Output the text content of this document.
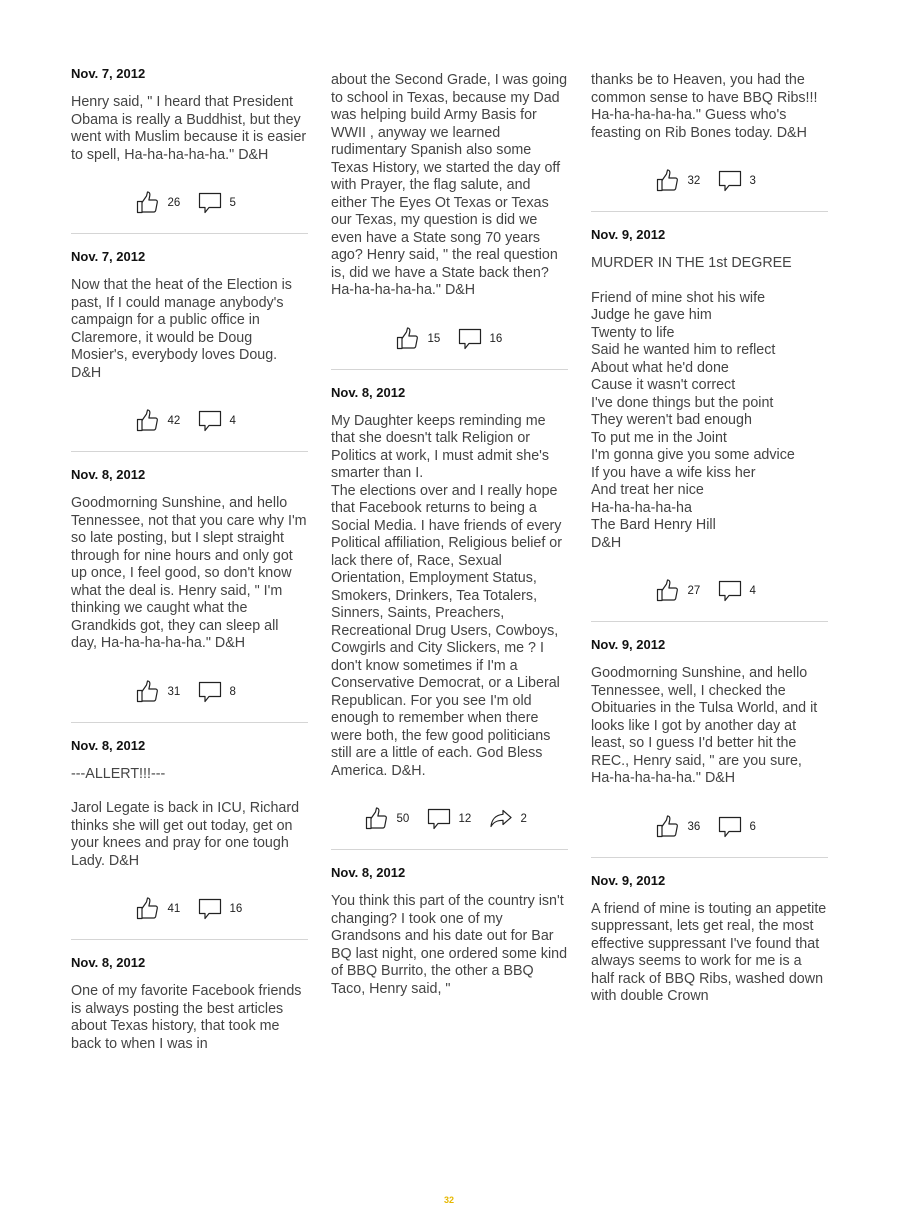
Nov. 7, 2012

Henry said, " I heard that President Obama is really a Buddhist, but they went with Muslim because it is easier to spell, Ha-ha-ha-ha-ha." D&H

26	5
Nov. 7, 2012

Now that the heat of the Election is past, If I could manage anybody's campaign for a public office in Claremore, it would be Doug Mosier's, everybody loves Doug. D&H

42	4
Nov. 8, 2012

Goodmorning Sunshine, and hello Tennessee, not that you care why I'm so late posting, but I slept straight through for nine hours and only got up once, I feel good, so don't know what the deal is. Henry said, " I'm thinking we caught what the Grandkids got, they can sleep all day, Ha-ha-ha-ha-ha." D&H

31	8
Nov. 8, 2012

---ALLERT!!!---

Jarol Legate is back in ICU, Richard thinks she will get out today, get on your knees and pray for one tough Lady. D&H

41	16
Nov. 8, 2012

One of my favorite Facebook friends is always posting the best articles about Texas history, that took me back to when I was in

about the Second Grade, I was going to school in Texas, because my Dad was helping build Army Basis for WWII , anyway we learned rudimentary Spanish also some Texas History, we started the day off with Prayer, the flag salute, and either The Eyes Ot Texas or Texas our Texas, my question is did we even have a State song 70 years ago? Henry said, " the real question is, did we have a State back then? Ha-ha-ha-ha-ha." D&H

15	16
Nov. 8, 2012

My Daughter keeps reminding me that she doesn't talk Religion or Politics at work, I must admit she's smarter than I.
The elections over and I really hope that Facebook returns to being a Social Media. I have friends of every Political affiliation, Religious belief or lack there of, Race, Sexual Orientation, Employment Status, Smokers, Drinkers, Tea Totalers, Sinners, Saints, Preachers, Recreational Drug Users, Cowboys, Cowgirls and City Slickers, me ? I don't know sometimes if I'm a Conservative Democrat, or a Liberal Republican. For you see I'm old enough to remember when there were both, the few good politicians still are a little of each. God Bless America. D&H.

50	12	2
Nov. 8, 2012

You think this part of the country isn't changing? I took one of my Grandsons and his date out for Bar BQ last night, one ordered some kind of BBQ Burrito, the other a BBQ Taco, Henry said, "

thanks be to Heaven, you had the common sense to have BBQ Ribs!!! Ha-ha-ha-ha-ha." Guess who's feasting on Rib Bones today. D&H

32	3
Nov. 9, 2012

MURDER IN THE 1st DEGREE

Friend of mine shot his wife
Judge he gave him
Twenty to life
Said he wanted him to reflect
About what he'd done
Cause it wasn't correct
I've done things but the point
They weren't bad enough
To put me in the Joint
I'm gonna give you some advice
If you have a wife kiss her
And treat her nice
Ha-ha-ha-ha-ha
The Bard Henry Hill
D&H

27	4
Nov. 9, 2012

Goodmorning Sunshine, and hello Tennessee, well, I checked the Obituaries in the Tulsa World, and it looks like I got by another day at least, so I guess I'd better hit the REC., Henry said, " are you sure, Ha-ha-ha-ha-ha." D&H

36	6
Nov. 9, 2012

A friend of mine is touting an appetite suppressant, lets get real, the most effective suppressant I've found that always seems to work for me is a half rack of BBQ Ribs, washed down with double Crown

32
